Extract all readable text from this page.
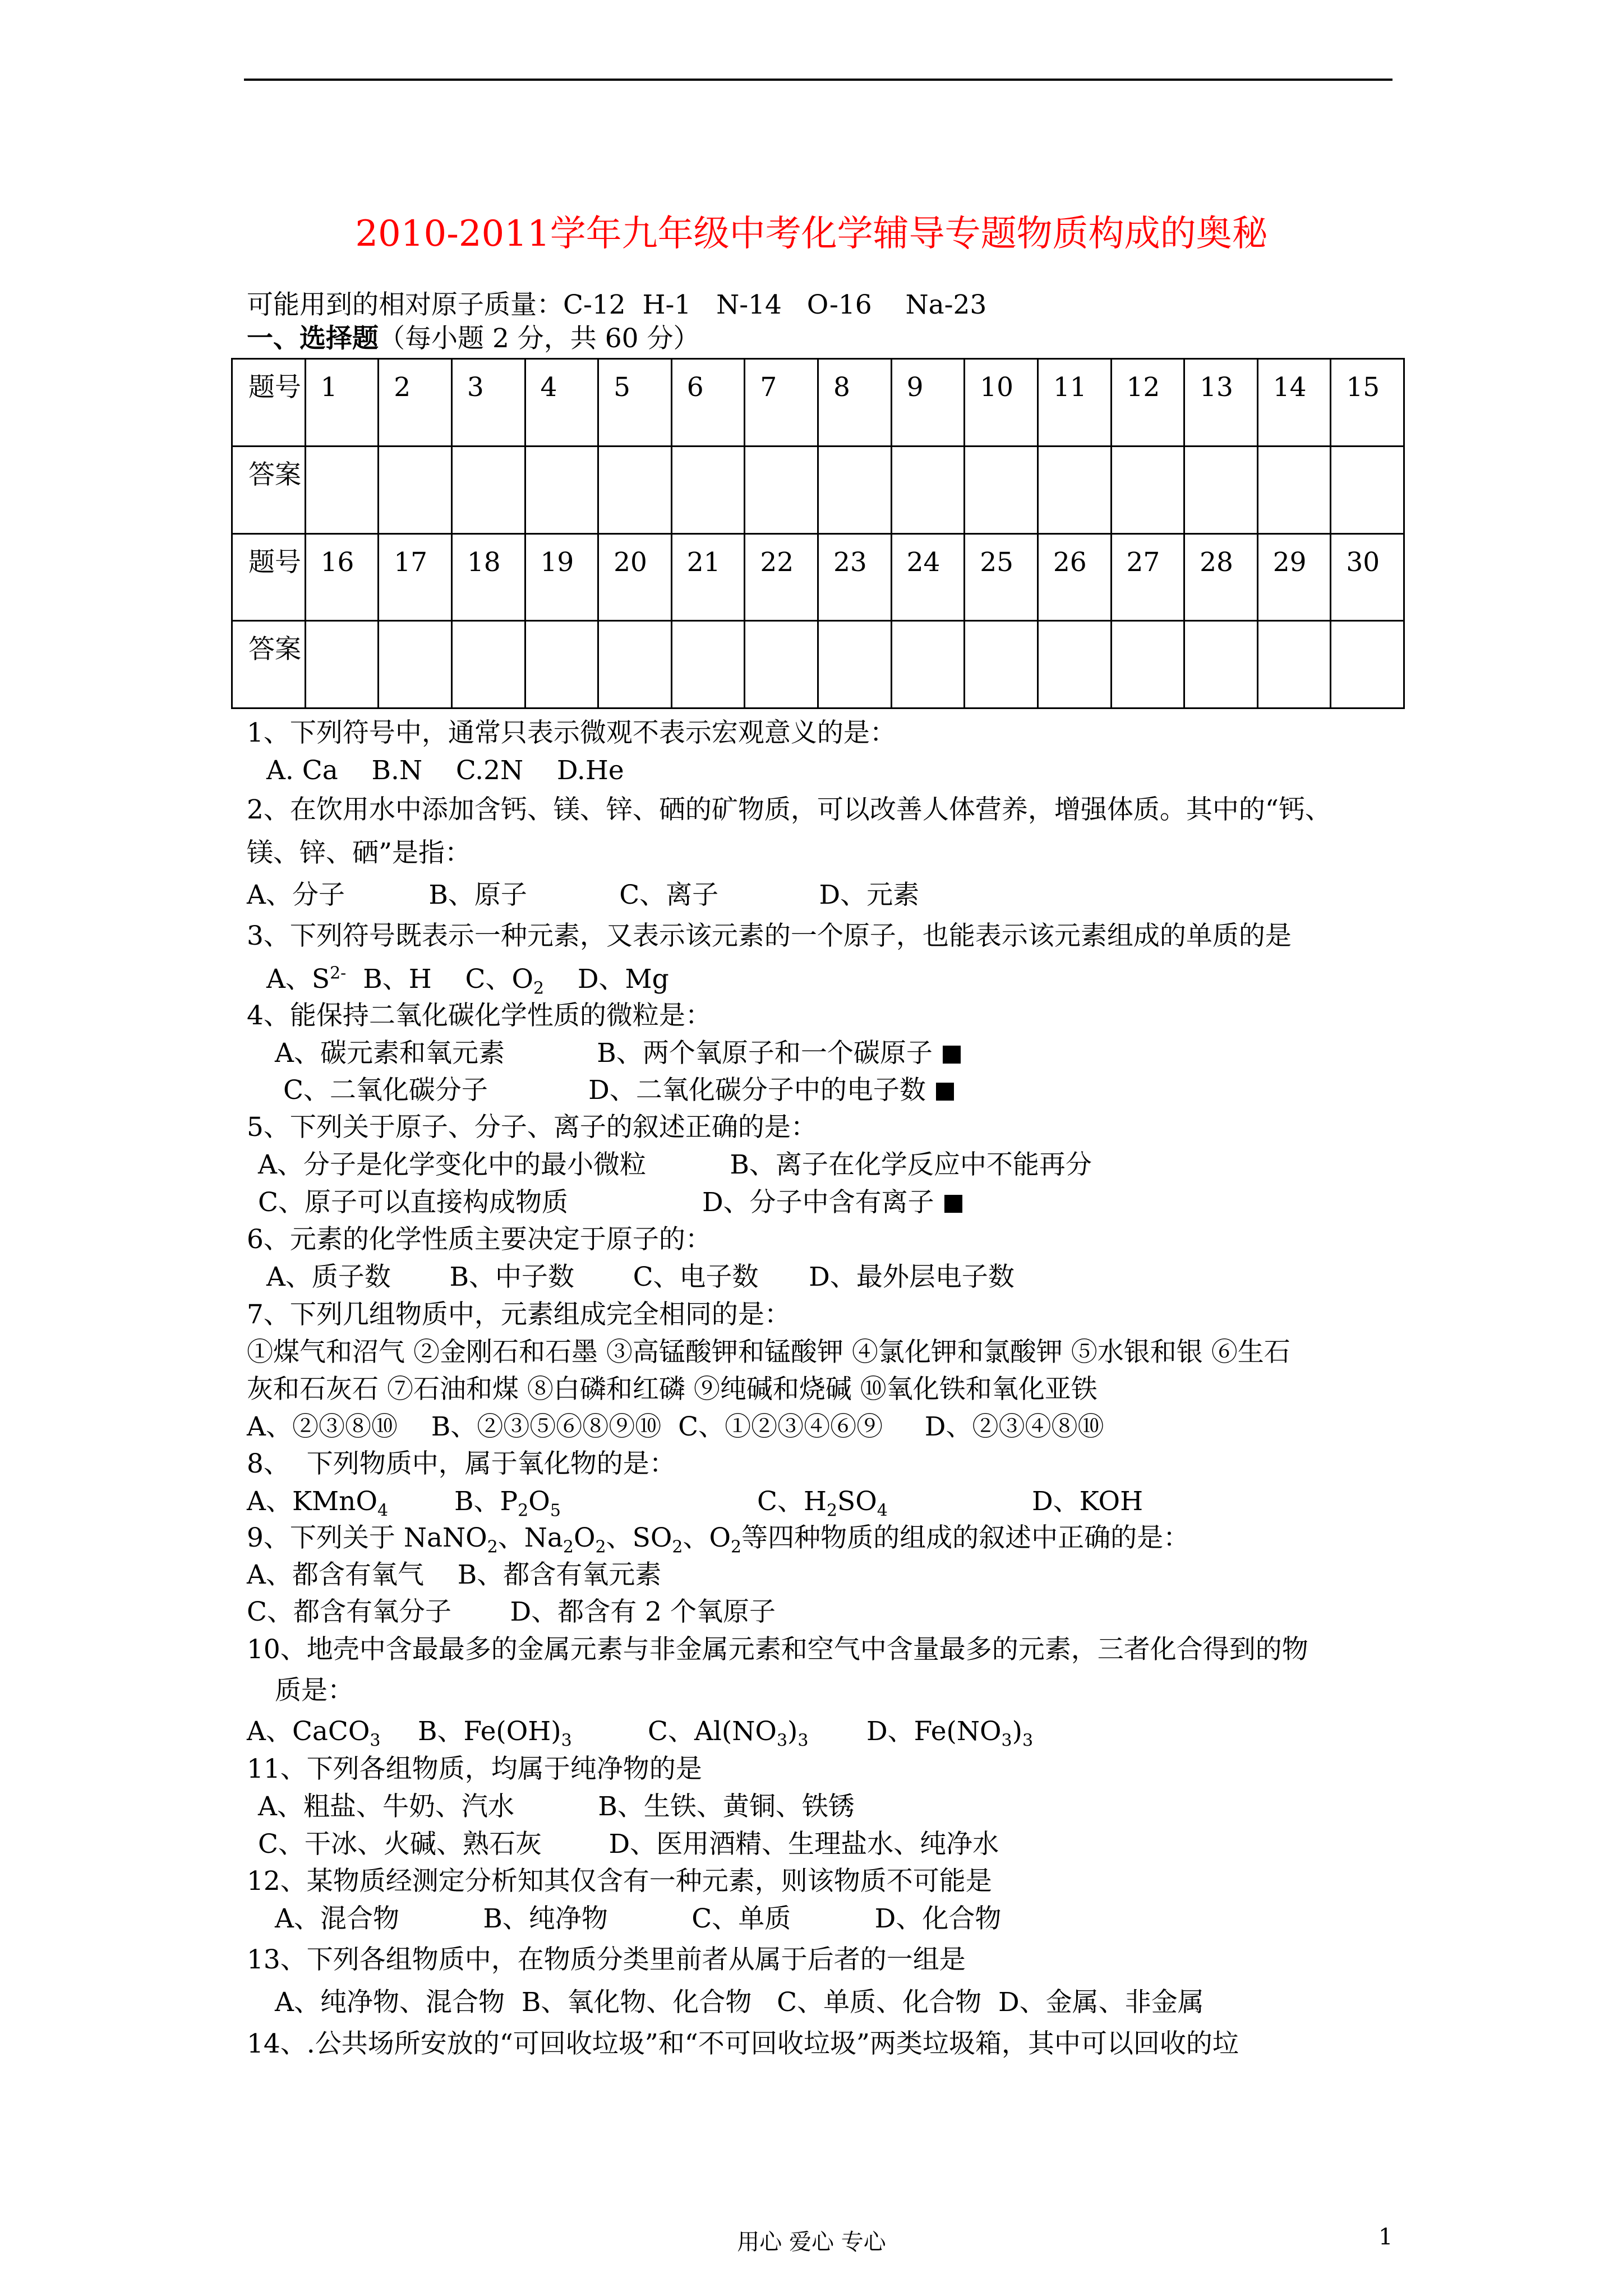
2010-2011学年九年级中考化学辅导专题物质构成的奥秘
可能用到的相对原子质量：C-12  H-1   N-14   O-16    Na-23
一、选择题（每小题 2 分，共 60 分）
题号	1	2	3	4	5	6	7	8	9	10	11	12	13	14	15
答案															
题号	16	17	18	19	20	21	22	23	24	25	26	27	28	29	30
答案															
1、下列符号中，通常只表示微观不表示宏观意义的是：
A. Ca    B.N    C.2N    D.He
2、在饮用水中添加含钙、镁、锌、硒的矿物质，可以改善人体营养，增强体质。其中的“钙、
镁、锌、硒”是指：
A、分子          B、原子           C、离子            D、元素
3、下列符号既表示一种元素，又表示该元素的一个原子，也能表示该元素组成的单质的是
A、$S^{2-}$  B、H    C、$O_2$    D、Mg
4、能保持二氧化碳化学性质的微粒是：
A、碳元素和氧元素           B、两个氧原子和一个碳原子
C、二氧化碳分子            D、二氧化碳分子中的电子数
5、下列关于原子、分子、离子的叙述正确的是：
A、分子是化学变化中的最小微粒          B、离子在化学反应中不能再分
C、原子可以直接构成物质                D、分子中含有离子
6、元素的化学性质主要决定于原子的：
A、质子数       B、中子数       C、电子数      D、最外层电子数
7、下列几组物质中，元素组成完全相同的是：
①煤气和沼气 ②金刚石和石墨 ③高锰酸钾和锰酸钾 ④氯化钾和氯酸钾 ⑤水银和银 ⑥生石
灰和石灰石 ⑦石油和煤 ⑧白磷和红磷 ⑨纯碱和烧碱 ⑩氧化铁和氧化亚铁
A、②③⑧⑩    B、②③⑤⑥⑧⑨⑩  C、①②③④⑥⑨     D、②③④⑧⑩
8、  下列物质中，属于氧化物的是：
A、KMnO$_4$	B、$P_2O_5$	C、$H_2SO_4$	D、KOH
9、下列关于 NaNO$_2$、$Na_2O_2$、$SO_2$、$O_2$等四种物质的组成的叙述中正确的是：
A、都含有氧气    B、都含有氧元素
C、都含有氧分子       D、都含有 2 个氧原子
10、地壳中含最最多的金属元素与非金属元素和空气中含量最多的元素，三者化合得到的物
质是：
A、CaCO$_3$ B、$Fe(OH)_3$	C、$Al(NO_3)_3$ D、$Fe(NO_3)_3$
11、下列各组物质，均属于纯净物的是
A、粗盐、牛奶、汽水          B、生铁、黄铜、铁锈
C、干冰、火碱、熟石灰        D、医用酒精、生理盐水、纯净水
12、某物质经测定分析知其仅含有一种元素，则该物质不可能是
A、混合物          B、纯净物          C、单质          D、化合物
13、下列各组物质中，在物质分类里前者从属于后者的一组是
A、纯净物、混合物  B、氧化物、化合物   C、单质、化合物  D、金属、非金属
14、.公共场所安放的“可回收垃圾”和“不可回收垃圾”两类垃圾箱，其中可以回收的垃
用心 爱心 专心	1
